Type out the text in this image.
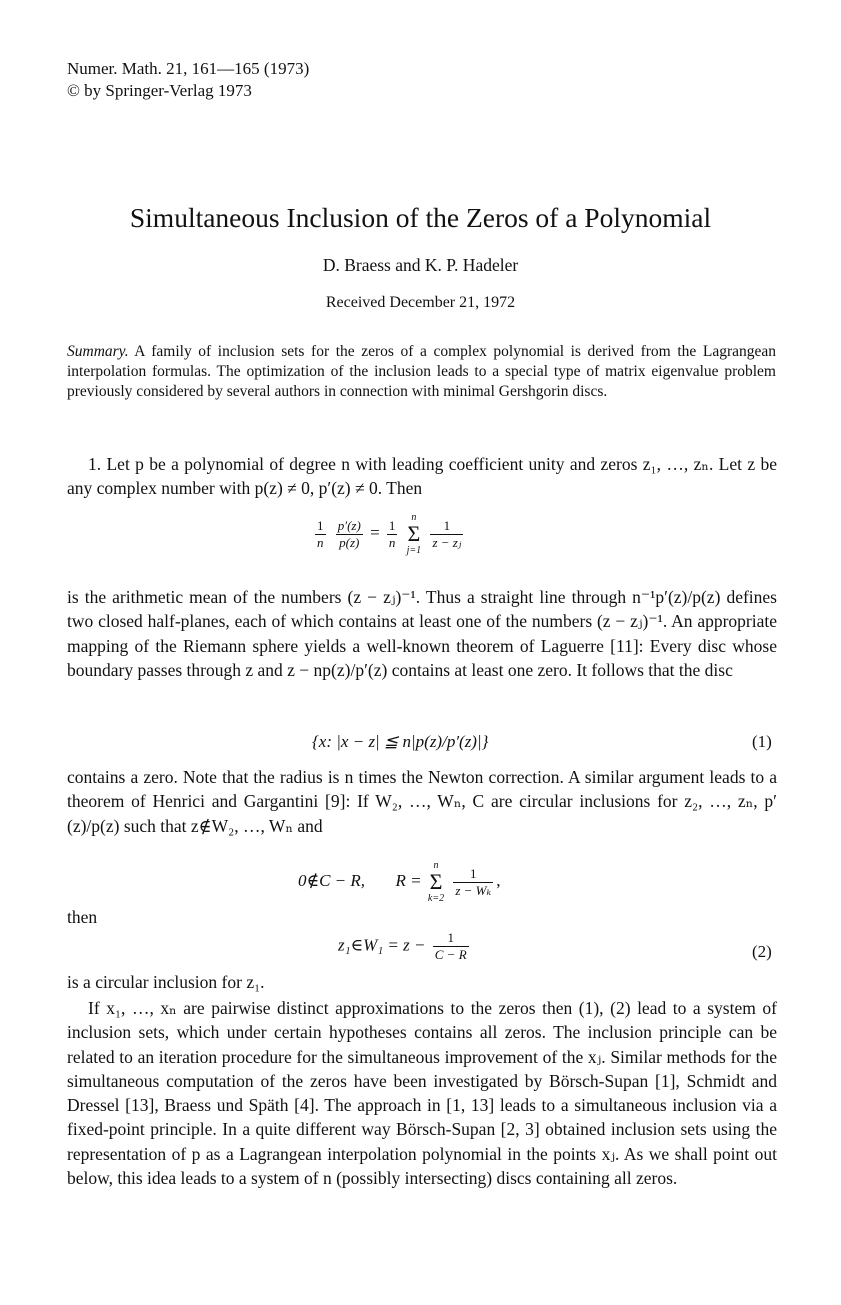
Numer. Math. 21, 161—165 (1973)
© by Springer-Verlag 1973
Simultaneous Inclusion of the Zeros of a Polynomial
D. Braess and K. P. Hadeler
Received December 21, 1972
Summary. A family of inclusion sets for the zeros of a complex polynomial is derived from the Lagrangean interpolation formulas. The optimization of the inclusion leads to a special type of matrix eigenvalue problem previously considered by several authors in connection with minimal Gershgorin discs.

1. Let p be a polynomial of degree n with leading coefficient unity and zeros z₁, …, zₙ. Let z be any complex number with p(z) ≠ 0, p′(z) ≠ 0. Then

$\frac{1}{n}$
$\frac{p'(z)}{p(z)} = \frac{1}{n}$
	n
Σ
j=1
$\frac{1}{\text{z − zⱼ}}$

is the arithmetic mean of the numbers (z − zⱼ)⁻¹. Thus a straight line through n⁻¹p′(z)/p(z) defines two closed half-planes, each of which contains at least one of the numbers (z − zⱼ)⁻¹. An appropriate mapping of the Riemann sphere yields a well-known theorem of Laguerre [11]: Every disc whose boundary passes through z and z − np(z)/p′(z) contains at least one zero. It follows that the disc

{x: |x − z| ≦ n|p(z)/p′(z)|}	(1)

contains a zero. Note that the radius is n times the Newton correction. A similar argument leads to a theorem of Henrici and Gargantini [9]: If W₂, …, Wₙ, C are circular inclusions for z₂, …, zₙ, p′(z)/p(z) such that z∉W₂, …, Wₙ and

0∉C − R, R =
n
Σ
k=2
$\frac{1}{\text{z − Wₖ}}$ ,
then
z₁∈W₁ = $z - \frac{1}{C - R}$	(2)

is a circular inclusion for z₁.

If x₁, …, xₙ are pairwise distinct approximations to the zeros then (1), (2) lead to a system of inclusion sets, which under certain hypotheses contains all zeros. The inclusion principle can be related to an iteration procedure for the simultaneous improvement of the xⱼ. Similar methods for the simultaneous computation of the zeros have been investigated by Börsch-Supan [1], Schmidt and Dressel [13], Braess und Späth [4]. The approach in [1, 13] leads to a simultaneous inclusion via a fixed-point principle. In a quite different way Börsch-Supan [2, 3] obtained inclusion sets using the representation of p as a Lagrangean interpolation polynomial in the points xⱼ. As we shall point out below, this idea leads to a system of n (possibly intersecting) discs containing all zeros.
